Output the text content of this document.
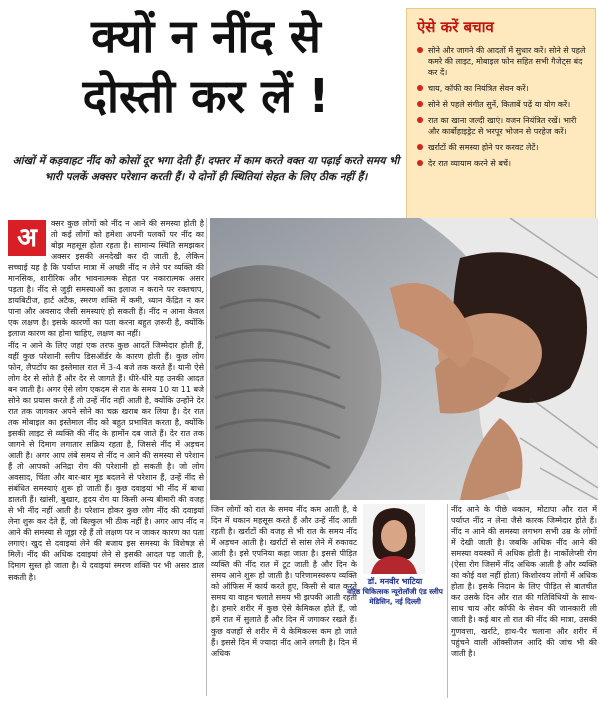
क्यों न नींद से
दोस्ती कर लें !
ऐसे करें बचाव
सोने और जागने की आदतों में सुधार करें। सोने से पहले कमरे की लाइट, मोबाइल फोन सहित सभी गैजेट्स बंद कर दें।
चाय, कॉफी का नियंत्रित सेवन करें।
सोने से पहले संगीत सुनें, किताबें पढ़ें या योग करें।
रात का खाना जल्दी खाएं। वजन नियंत्रित रखें। भारी और कार्बोहाइड्रेट से भरपूर भोजन से परहेज करें।
खर्राटों की समस्या होने पर करवट लेटें।
देर रात व्यायाम करने से बचें।
आंखों में कड़वाहट नींद को कोसों दूर भगा देती हैं। दफ्तर में काम करते वक्त या पढ़ाई करते समय भी भारी पलकें अक्सर परेशान करती हैं। ये दोनों ही स्थितियां सेहत के लिए ठीक नहीं हैं।
अ	क्सर कुछ लोगों को नींद न आने की समस्या होती है तो कई लोगों को हमेशा अपनी पलकों पर नींद का बोझ महसूस होता रहता है। सामान्य स्थिति समझकर अक्सर इसकी अनदेखी कर दी जाती है, लेकिन सच्चाई यह है कि पर्याप्त मात्रा में अच्छी नींद न लेने पर व्यक्ति की मानसिक, शारीरिक और भावनात्मक सेहत पर नकारात्मक असर पड़ता है। नींद से जुड़ी समस्याओं का इलाज न कराने पर रक्तचाप, डायबिटीज, हार्ट अटैक, स्मरण शक्ति में कमी, ध्यान केंद्रित न कर पाना और अवसाद जैसी समस्याएं हो सकती हैं। नींद न आना केवल एक लक्षण है। इसके कारणों का पता करना बहुत ज़रूरी है, क्योंकि इलाज कारण का होना चाहिए, लक्षण का नहीं।
नींद न आने के लिए जहां एक तरफ कुछ आदतें जिम्मेदार होती हैं, वहीं कुछ परेशानी स्लीप डिसऑर्डर के कारण होती हैं। कुछ लोग फोन, लैपटॉप का इस्तेमाल रात में 3-4 बजे तक करते हैं। यानी ऐसे लोग देर से सोते हैं और देर से जागते हैं। धीरे-धीरे यह उनकी आदत बन जाती है। अगर ऐसे लोग एकदम से रात के समय 10 या 11 बजे सोने का प्रयास करते हैं तो उन्हें नींद नहीं आती है, क्योंकि उन्होंने देर रात तक जागकर अपने सोने का चक्र खराब कर लिया है। देर रात तक मोबाइल का इस्तेमाल नींद को बहुत प्रभावित करता है, क्योंकि इसकी लाइट से व्यक्ति की नींद के हार्मोन दब जाते हैं। देर रात तक जागने से दिमाग लगातार सक्रिय रहता है, जिससे नींद में अड़चन आती है। अगर आप लंबे समय से नींद न आने की समस्या से परेशान हैं तो आपको अनिद्रा रोग की परेशानी हो सकती है। जो लोग अवसाद, चिंता और बार-बार मूड बदलने से परेशान हैं, उन्हें नींद से संबंधित समस्याएं शुरू हो जाती हैं। कुछ दवाइयां भी नींद में बाधा डालती हैं। खांसी, बुखार, हृदय रोग या किसी अन्य बीमारी की वजह से भी नींद नहीं आती है। परेशान होकर कुछ लोग नींद की दवाइयां लेना शुरू कर देते हैं, जो बिल्कुल भी ठीक नहीं है। अगर आप नींद न आने की समस्या से जूझ रहे हैं तो लक्षण पर न जाकर कारण का पता लगाएं। खुद से दवाइयां लेने की बजाय इस समस्या के विशेषज्ञ से मिलें। नींद की अधिक दवाइयां लेने से इसकी आदत पड़ जाती है, दिमाग सुस्त हो जाता है। ये दवाइयां स्मरण शक्ति पर भी असर डाल सकती है।
जिन लोगों को रात के समय नींद कम आती है, वे दिन में थकान महसूस करते हैं और उन्हें नींद आती रहती है। खर्राटों की वजह से भी रात के समय नींद में अड़चन आती है। खर्राटों से सांस लेने में रुकावट आती है। इसे एपनिया कहा जाता है। इससे पीड़ित व्यक्ति की नींद रात में टूट जाती है और दिन के समय आने शुरू हो जाती है। परिणामस्वरूप व्यक्ति को ऑफिस में कार्य करते हुए, किसी से बात करते समय या वाहन चलाते समय भी झपकी आती रहती है। हमारे शरीर में कुछ ऐसे केमिकल होते हैं, जो हमें रात में सुलाते हैं और दिन में जगाकर रखते हैं। कुछ वजहों से शरीर में ये केमिकल्स कम हो जाते हैं। इससे दिन में ज्यादा नींद आने लगती है। दिन में अधिक
डॉ. मनवीर भाटिया
वरिष्ठ चिकित्सक न्यूरोलॉजी एंड स्लीप मेडिसिन, नई दिल्ली
नींद आने के पीछे थकान, मोटापा और रात में पर्याप्त नींद न लेना जैसे कारक जिम्मेदार होते हैं। नींद न आने की समस्या लगभग सभी उम्र के लोगों में देखी जाती है। जबकि अधिक नींद आने की समस्या वयस्कों में अधिक होती है। नार्कोलेप्सी रोग (ऐसा रोग जिसमें नींद अधिक आती है और व्यक्ति का कोई वश नहीं होता) किशोरवय लोगों में अधिक होता है। इसके निदान के लिए पीड़ित से बातचीत कर उसके दिन और रात की गतिविधियों के साथ-साथ चाय और कॉफी के सेवन की जानकारी ली जाती है। कई बार तो रात की नींद की मात्रा, उसकी गुणवत्ता, खर्राटे, हाथ-पैर चलाना और शरीर में पहुंचने वाली ऑक्सीजन आदि की जांच भी की जाती है।
